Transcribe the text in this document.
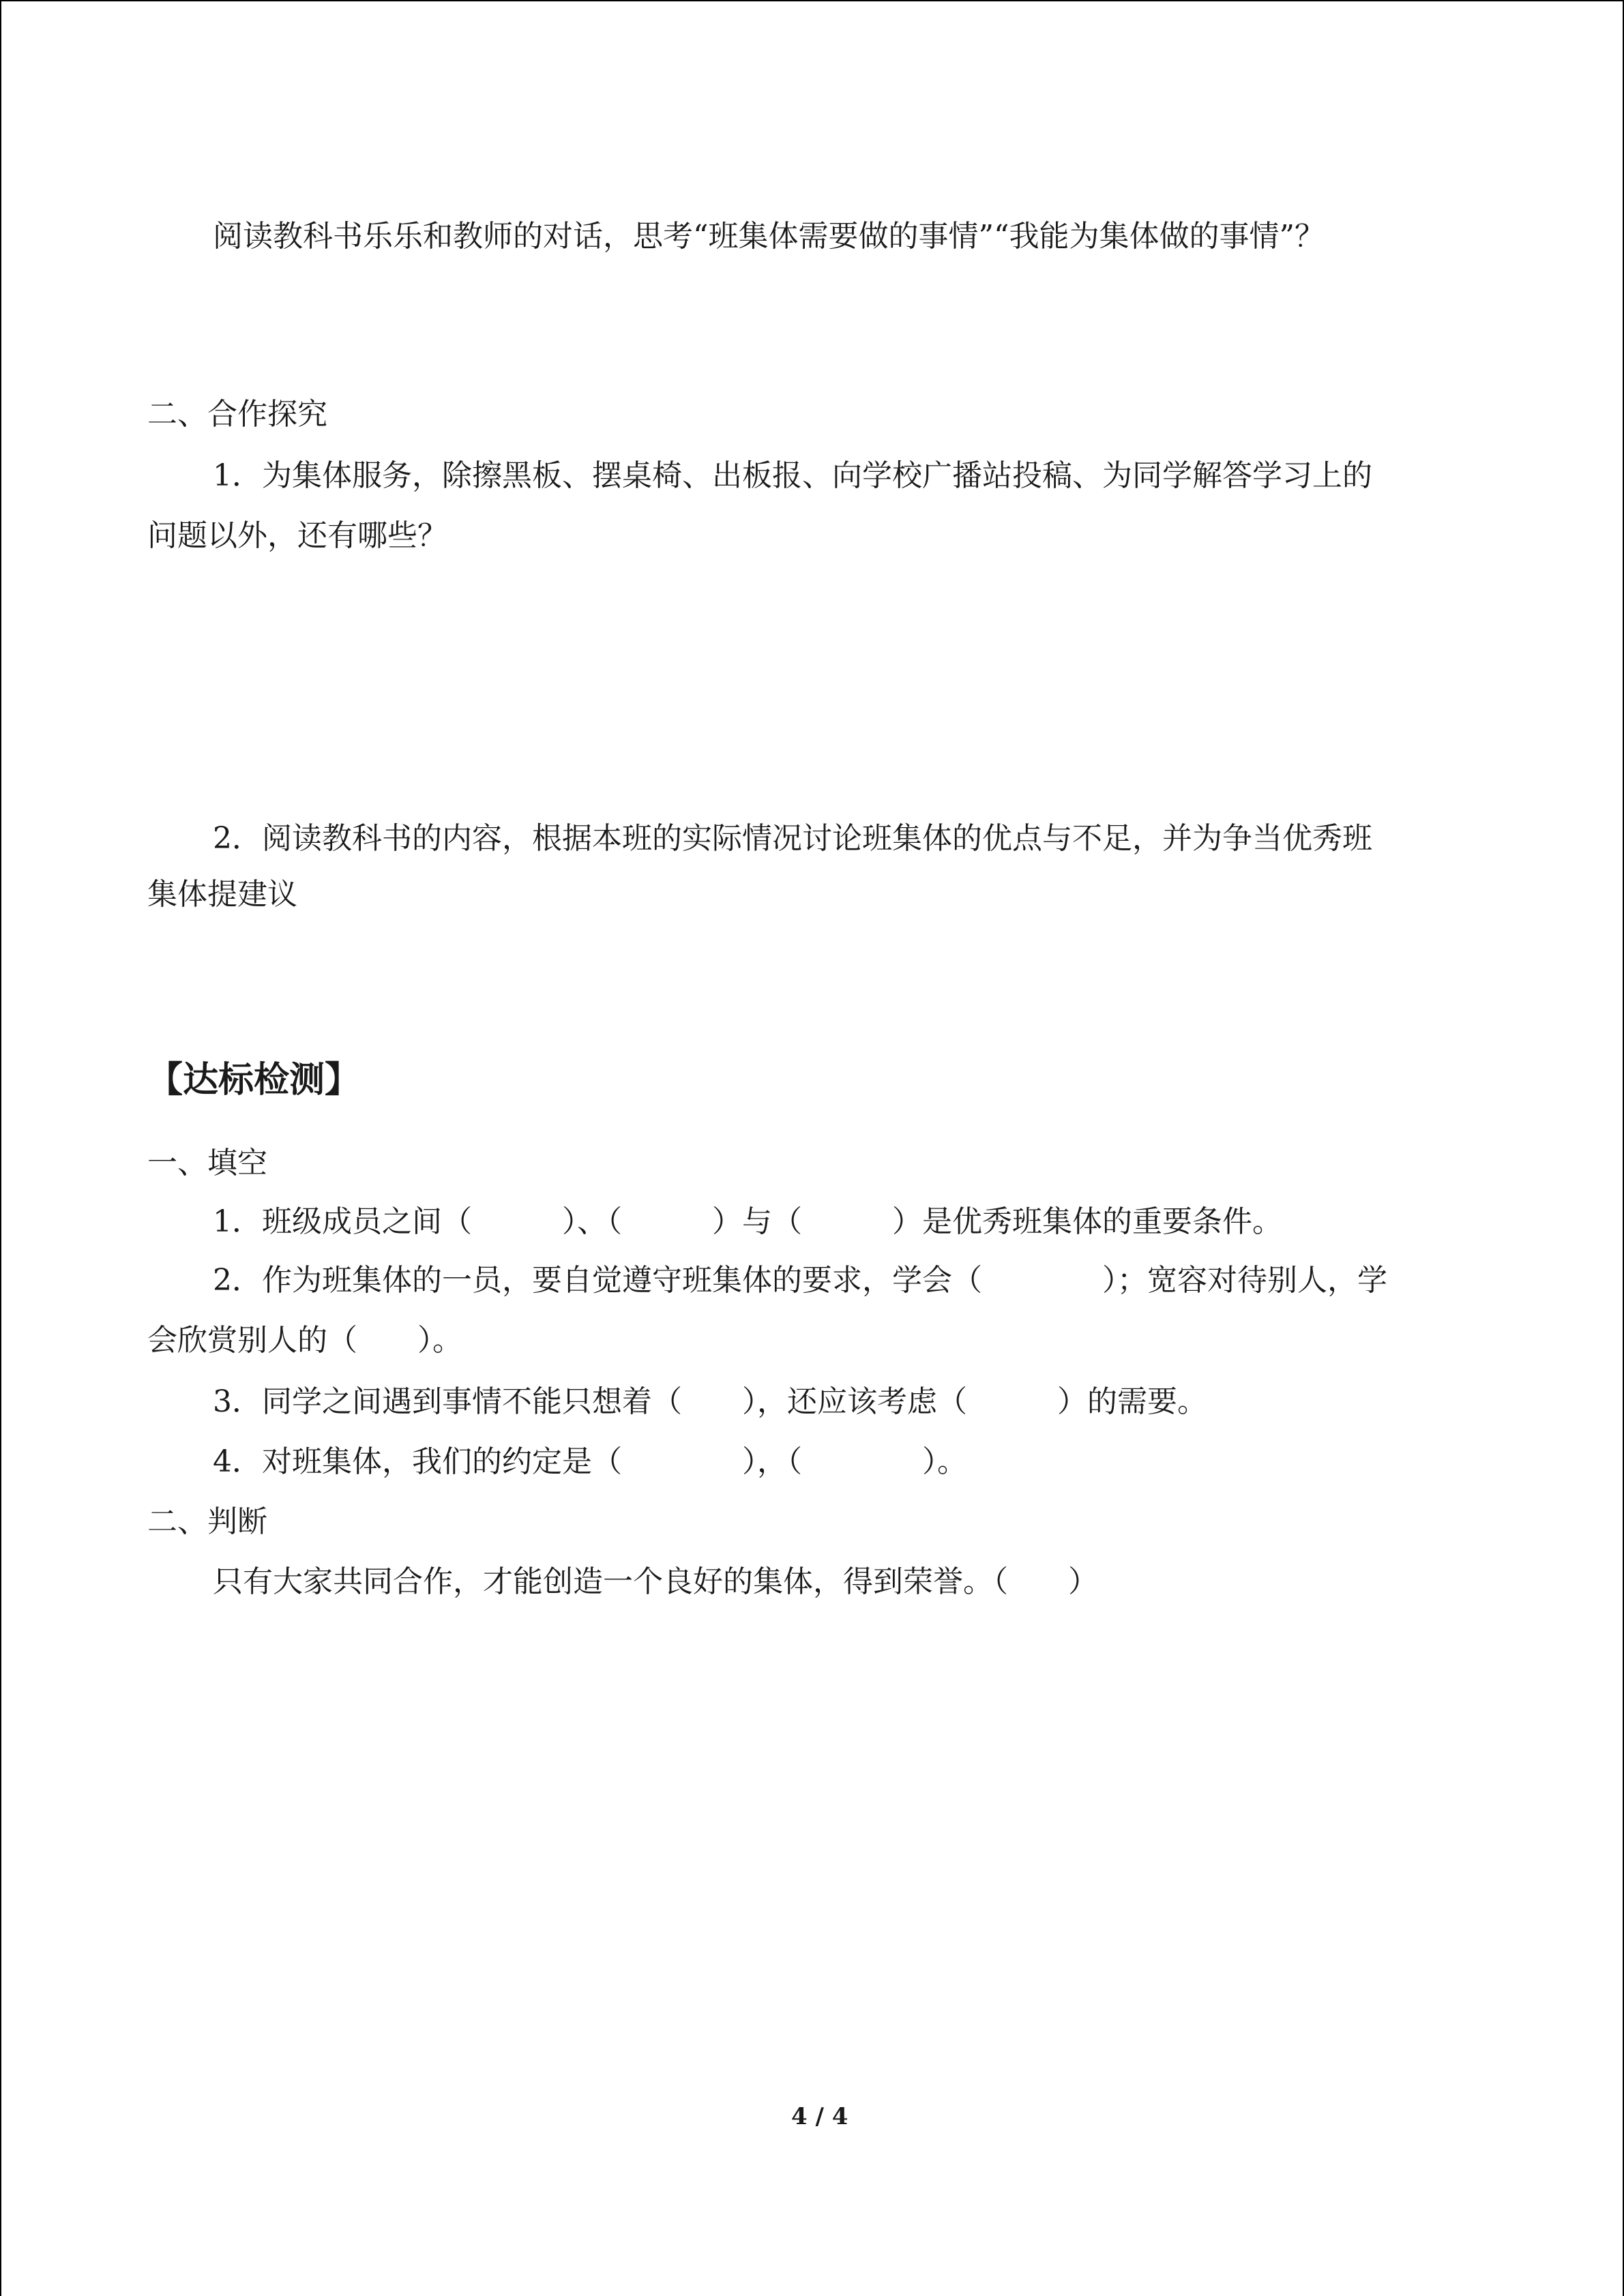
阅读教科书乐乐和教师的对话，思考“班集体需要做的事情”“我能为集体做的事情”？
二、合作探究
1．为集体服务，除擦黑板、摆桌椅、出板报、向学校广播站投稿、为同学解答学习上的
问题以外，还有哪些？
2．阅读教科书的内容，根据本班的实际情况讨论班集体的优点与不足，并为争当优秀班
集体提建议
【达标检测】
一、填空
1．班级成员之间（　　　）、（　　　）与（　　　）是优秀班集体的重要条件。
2．作为班集体的一员，要自觉遵守班集体的要求，学会（　　　　）；宽容对待别人，学
会欣赏别人的（　　）。
3．同学之间遇到事情不能只想着（　　），还应该考虑（　　　）的需要。
4．对班集体，我们的约定是（　　　　），（　　　　）。
二、判断
只有大家共同合作，才能创造一个良好的集体，得到荣誉。（　　）
4 / 4
